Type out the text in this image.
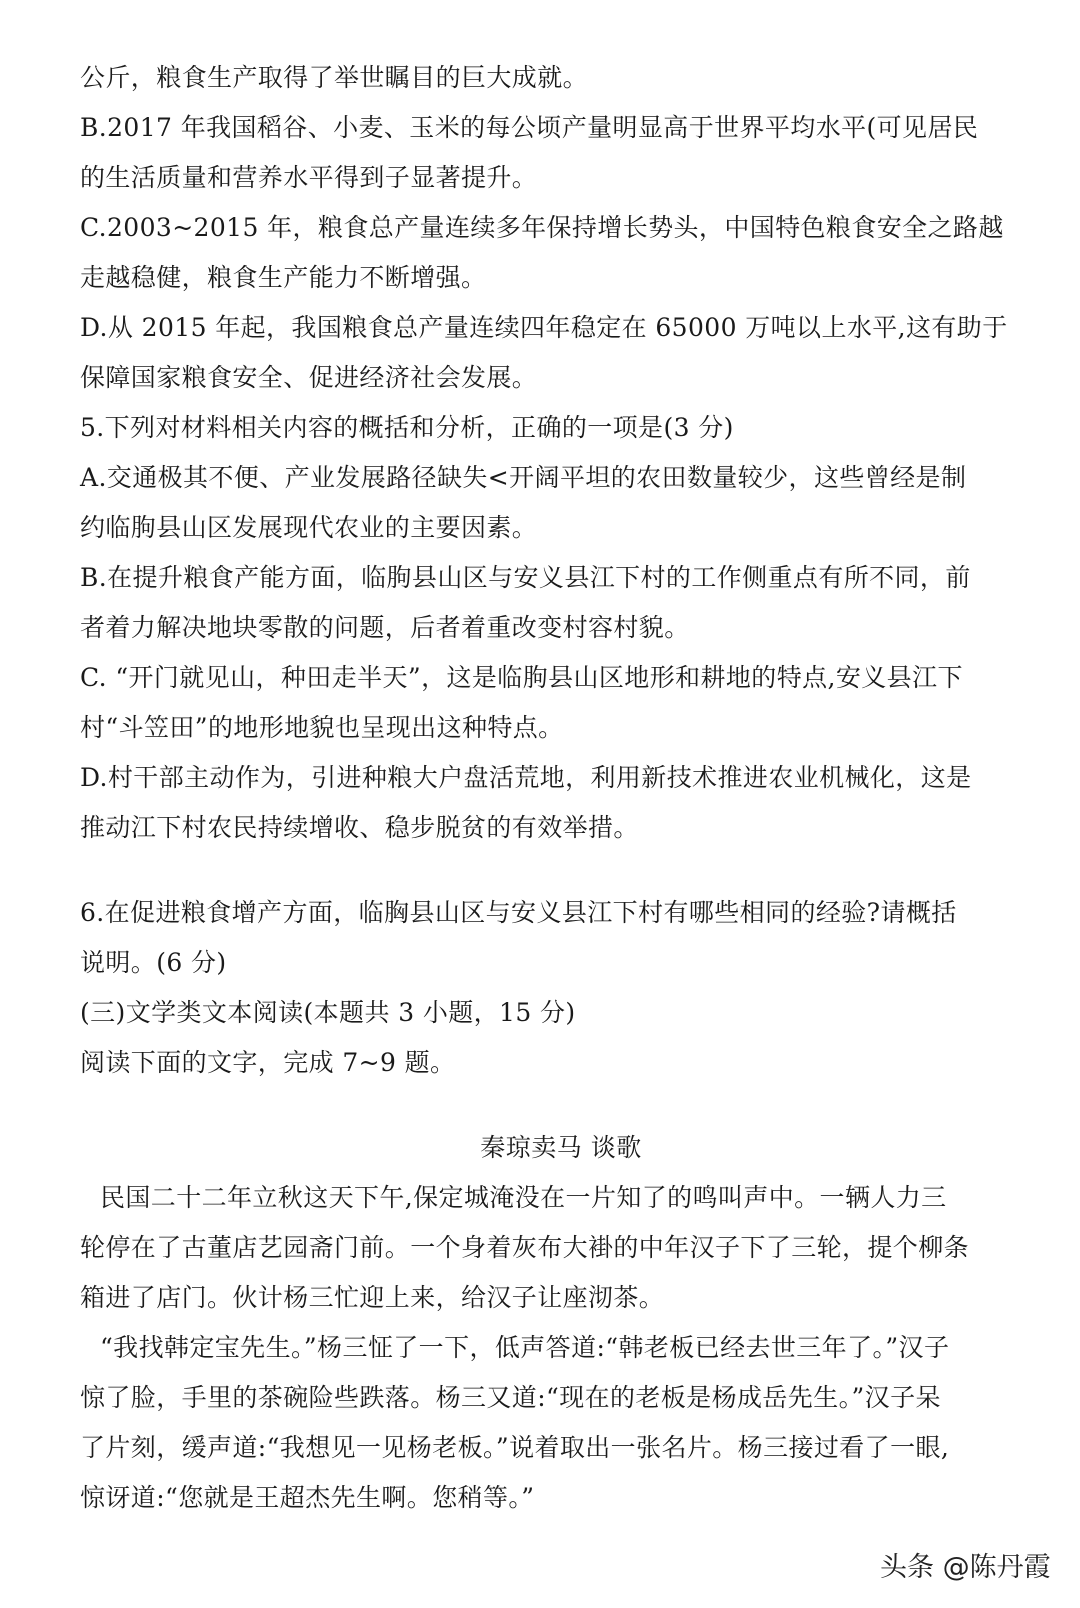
公斤，粮食生产取得了举世瞩目的巨大成就。
B.2017 年我国稻谷、小麦、玉米的每公顷产量明显高于世界平均水平(可见居民
的生活质量和营养水平得到子显著提升。
C.2003~2015 年，粮食总产量连续多年保持增长势头，中国特色粮食安全之路越
走越稳健，粮食生产能力不断增强。
D.从 2015 年起，我国粮食总产量连续四年稳定在 65000 万吨以上水平,这有助于
保障国家粮食安全、促进经济社会发展。
5.下列对材料相关内容的概括和分析，正确的一项是(3 分)
A.交通极其不便、产业发展路径缺失<开阔平坦的农田数量较少，这些曾经是制
约临朐县山区发展现代农业的主要因素。
B.在提升粮食产能方面，临朐县山区与安义县江下村的工作侧重点有所不同，前
者着力解决地块零散的问题，后者着重改变村容村貌。
C. “开门就见山，种田走半天”，这是临朐县山区地形和耕地的特点,安义县江下
村“斗笠田”的地形地貌也呈现出这种特点。
D.村干部主动作为，引进种粮大户盘活荒地，利用新技术推进农业机械化，这是
推动江下村农民持续增收、稳步脱贫的有效举措。
6.在促进粮食增产方面，临胸县山区与安义县江下村有哪些相同的经验?请概括
说明。(6 分)
(三)文学类文本阅读(本题共 3 小题，15 分)
阅读下面的文字，完成 7~9 题。
秦琼卖马 谈歌
民国二十二年立秋这天下午,保定城淹没在一片知了的鸣叫声中。一辆人力三
轮停在了古董店艺园斋门前。一个身着灰布大褂的中年汉子下了三轮，提个柳条
箱进了店门。伙计杨三忙迎上来，给汉子让座沏茶。
“我找韩定宝先生。”杨三怔了一下，低声答道:“韩老板已经去世三年了。”汉子
惊了脸，手里的茶碗险些跌落。杨三又道:“现在的老板是杨成岳先生。”汉子呆
了片刻，缓声道:“我想见一见杨老板。”说着取出一张名片。杨三接过看了一眼,
惊讶道:“您就是王超杰先生啊。您稍等。”
头条 @陈丹霞
